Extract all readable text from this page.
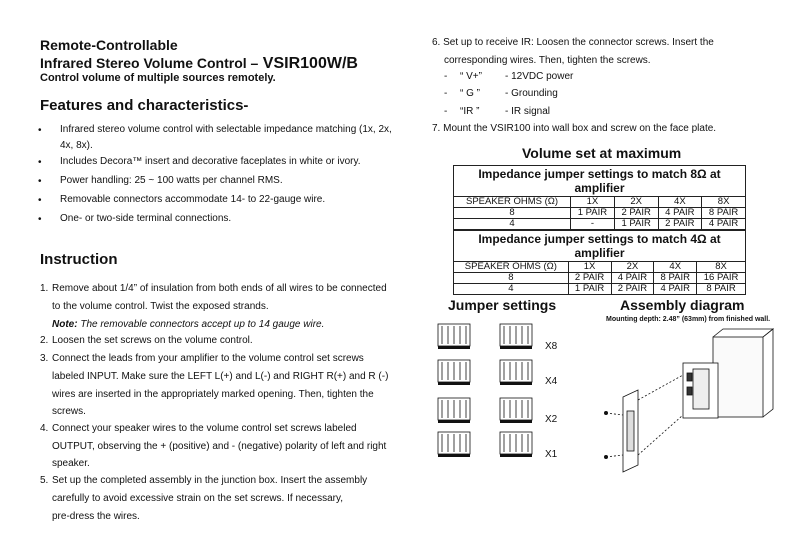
Remote-Controllable
Infrared Stereo Volume Control – VSIR100W/B
Control volume of multiple sources remotely.
Features and characteristics-
• Infrared stereo volume control with selectable impedance matching (1x, 2x,
4x, 8x).
• Includes Decora™ insert and decorative faceplates in white or ivory.
• Power handling: 25 ~ 100 watts per channel RMS.
• Removable connectors accommodate 14- to 22-gauge wire.
• One- or two-side terminal connections.
Instruction
1. Remove about 1/4” of insulation from both ends of all wires to be connected
to the volume control. Twist the exposed strands.
Note: The removable connectors accept up to 14 gauge wire.
2. Loosen the set screws on the volume control.
3. Connect the leads from your amplifier to the volume control set screws
labeled INPUT. Make sure the LEFT L(+) and L(-) and RIGHT R(+) and R (-)
wires are inserted in the appropriately marked opening. Then, tighten the
screws.
4. Connect your speaker wires to the volume control set screws labeled
OUTPUT, observing the + (positive) and - (negative) polarity of left and right
speaker.
5. Set up the completed assembly in the junction box. Insert the assembly
carefully to avoid excessive strain on the set screws. If necessary,
pre-dress the wires.
6. Set up to receive IR: Loosen the connector screws. Insert the
corresponding wires. Then, tighten the screws.
- “ V+” - 12VDC power
- “ G ”	- Grounding
- “IR ”	- IR signal
7. Mount the VSIR100 into wall box and screw on the face plate.
Volume set at maximum
Impedance jumper settings to match 8Ω at amplifier				
SPEAKER OHMS (Ω)	1X	2X	4X	8X
8	1 PAIR	2 PAIR	4 PAIR	8 PAIR
4	-	1 PAIR	2 PAIR	4 PAIR
Impedance jumper settings to match 4Ω at amplifier				
SPEAKER OHMS (Ω)	1X	2X	4X	8X
8	2 PAIR	4 PAIR	8 PAIR	16 PAIR
4	1 PAIR	2 PAIR	4 PAIR	8 PAIR
Jumper settings	Assembly diagram
Mounting depth: 2.48” (63mm) from finished wall.
X8
X4
X2
X1
